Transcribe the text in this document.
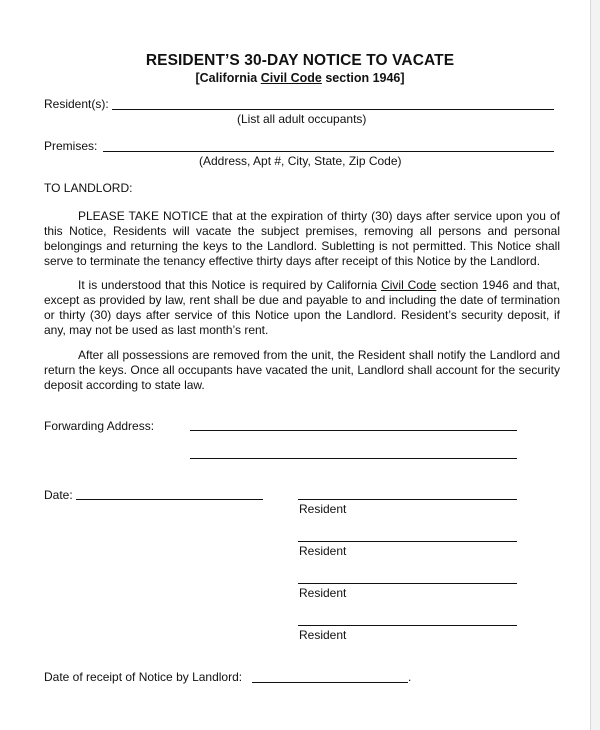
RESIDENT’S 30-DAY NOTICE TO VACATE
[California Civil Code section 1946]
Resident(s):
(List all adult occupants)
Premises:
(Address, Apt #, City, State, Zip Code)
TO LANDLORD:
PLEASE TAKE NOTICE that at the expiration of thirty (30) days after service upon you of this Notice, Residents will vacate the subject premises, removing all persons and personal belongings and returning the keys to the Landlord. Subletting is not permitted. This Notice shall serve to terminate the tenancy effective thirty days after receipt of this Notice by the Landlord.
It is understood that this Notice is required by California Civil Code section 1946 and that, except as provided by law, rent shall be due and payable to and including the date of termination or thirty (30) days after service of this Notice upon the Landlord. Resident’s security deposit, if any, may not be used as last month’s rent.
After all possessions are removed from the unit, the Resident shall notify the Landlord and return the keys. Once all occupants have vacated the unit, Landlord shall account for the security deposit according to state law.
Forwarding Address:
Date:
Resident
Resident
Resident
Resident
Date of receipt of Notice by Landlord:	.
